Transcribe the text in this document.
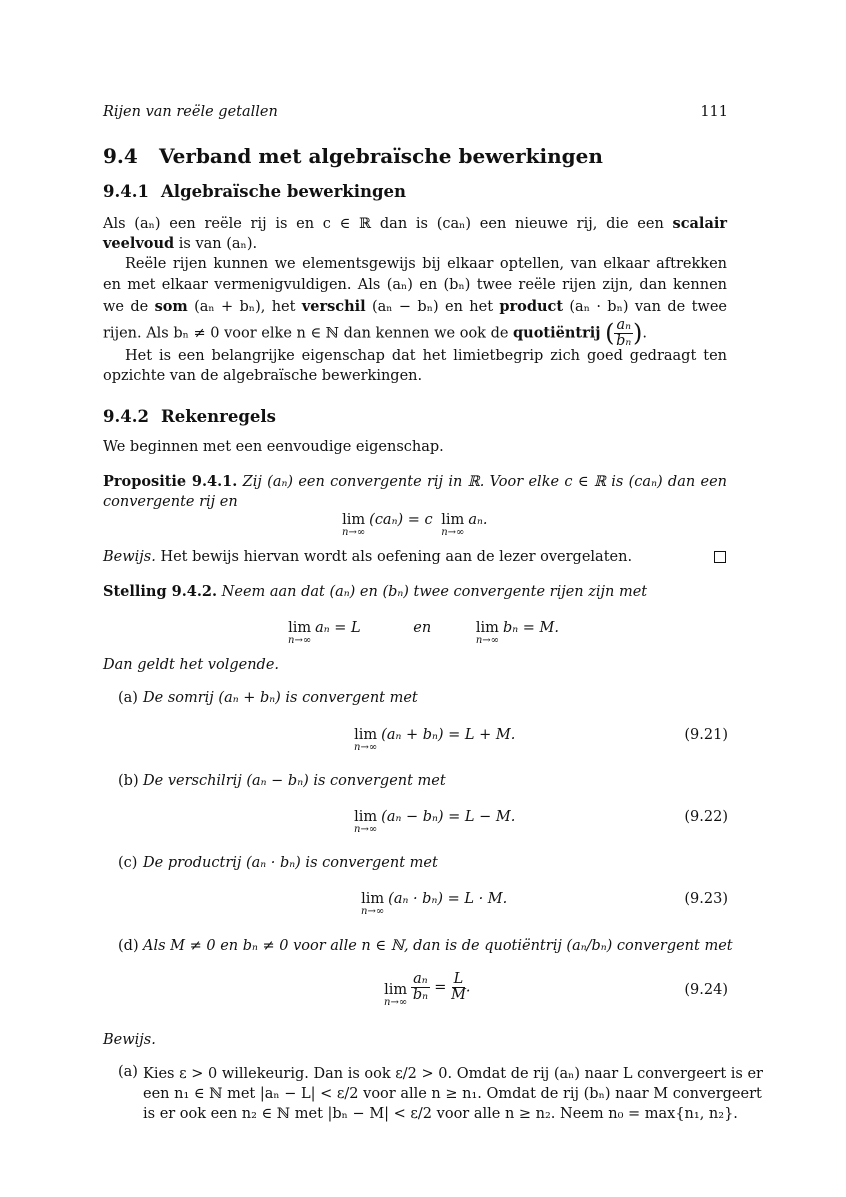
Rijen van reële getallen	111
9.4 Verband met algebraïsche bewerkingen
9.4.1 Algebraïsche bewerkingen
Als (aₙ) een reële rij is en c ∈ ℝ dan is (caₙ) een nieuwe rij, die een scalair veelvoud is van (aₙ).
Reële rijen kunnen we elementsgewijs bij elkaar optellen, van elkaar aftrekken en met elkaar vermenigvuldigen. Als (aₙ) en (bₙ) twee reële rijen zijn, dan kennen we de som (aₙ + bₙ), het verschil (aₙ − bₙ) en het product (aₙ · bₙ) van de twee rijen. Als bₙ ≠ 0 voor elke n ∈ ℕ dan kennen we ook de quotiëntrij ( $\frac{\text{aₙ}}{\text{bₙ}}$ ).
Het is een belangrijke eigenschap dat het limietbegrip zich goed gedraagt ten opzichte van de algebraïsche bewerkingen.
9.4.2 Rekenregels
We beginnen met een eenvoudige eigenschap.
Propositie 9.4.1. Zij (aₙ) een convergente rij in ℝ. Voor elke c ∈ ℝ is (caₙ) dan een convergente rij en
lim
n→∞
(caₙ) = c lim
n→∞
aₙ.
Bewijs. Het bewijs hiervan wordt als oefening aan de lezer overgelaten.
Stelling 9.4.2. Neem aan dat (aₙ) en (bₙ) twee convergente rijen zijn met
lim
n→∞
aₙ = L	en	lim
n→∞
bₙ = M.
Dan geldt het volgende.
(a) De somrij (aₙ + bₙ) is convergent met
lim
n→∞
(aₙ + bₙ) = L + M.	(9.21)
(b) De verschilrij (aₙ − bₙ) is convergent met
lim
n→∞
(aₙ − bₙ) = L − M.	(9.22)
(c) De productrij (aₙ · bₙ) is convergent met
lim
n→∞
(aₙ · bₙ) = L · M.	(9.23)
(d) Als M ≠ 0 en bₙ ≠ 0 voor alle n ∈ ℕ, dan is de quotiëntrij (aₙ/bₙ) convergent met
lim
$n\to\infty \frac{\text{aₙ}}{\text{bₙ}} = \frac{L}{M}$ .	(9.24)
Bewijs.
(a) Kies ε > 0 willekeurig. Dan is ook ε/2 > 0. Omdat de rij (aₙ) naar L convergeert is er
een n₁ ∈ ℕ met |aₙ − L| < ε/2 voor alle n ≥ n₁. Omdat de rij (bₙ) naar M convergeert
is er ook een n₂ ∈ ℕ met |bₙ − M| < ε/2 voor alle n ≥ n₂. Neem n₀ = max{n₁, n₂}.
